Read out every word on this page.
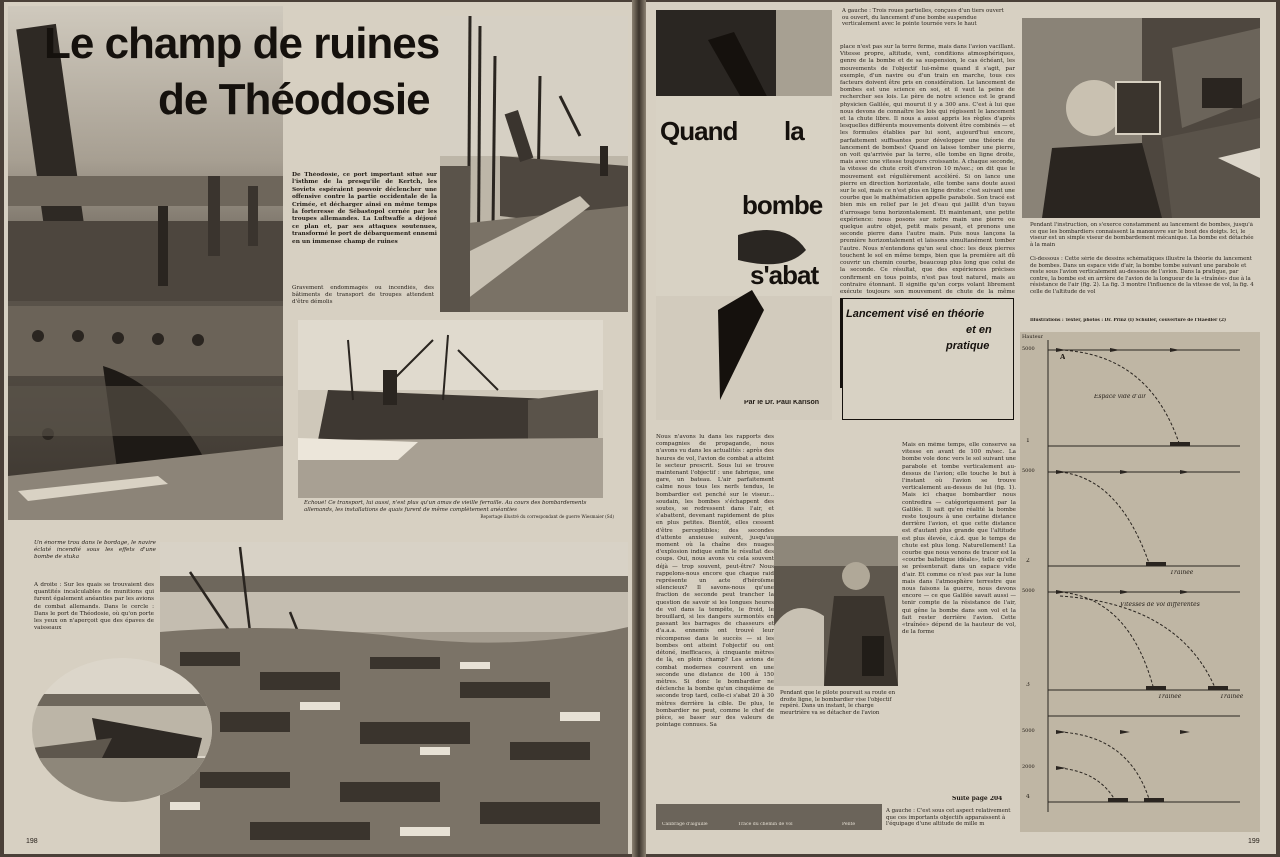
Le champ de ruines
de Théodosie
De Théodosie, ce port important situé sur l'isthme de la presqu'île de Kertch, les Soviets espéraient pouvoir déclencher une offensive contre la partie occidentale de la Crimée, et décharger ainsi en même temps la forteresse de Sébastopol cernée par les troupes allemandes. La Luftwaffe a déjoué ce plan et, par ses attaques soutenues, transformé le port de débarquement ennemi en un immense champ de ruines
Gravement endommagés ou incendiés, des bâtiments de transport de troupes attendent d'être démolis
Echoué! Ce transport, lui aussi, n'est plus qu'un amas de vieille ferraille. Au cours des bombardements allemands, les installations de quais furent de même complètement anéanties
Reportage illustré du correspondant de guerre Wiesmaier (Sd)
Un énorme trou dans le bordage, le navire éclaté incendié sous les effets d'une bombe de stuka
A droite : Sur les quais se trouvaient des quantités incalculables de munitions qui furent également anéanties par les avions de combat allemands. Dans le cercle : Dans le port de Théodosie, où qu'on porte les yeux on n'aperçoit que des épaves de vaisseaux
198
Quand la
bombe
s'abat
Lancement visé en théorie
et en
pratique
Par le Dr. Paul Karlson
A gauche : Trois roues partielles, conçues d'un tiers ouvert ou ouvert, du lancement d'une bombe suspendue verticalement avec le pointe tournée vers le haut
place n'est pas sur la terre ferme, mais dans l'avion vacillant. Vitesse propre, altitude, vent, conditions atmosphériques, genre de la bombe et de sa suspension, le cas échéant, les mouvements de l'objectif lui-même quand il s'agit, par exemple, d'un navire ou d'un train en marche, tous ces facteurs doivent être pris en considération. Le lancement de bombes est une science en soi, et il vaut la peine de rechercher ses lois. Le père de notre science est le grand physicien Galilée, qui mourut il y a 300 ans. C'est à lui que nous devons de connaître les lois qui régissent le lancement et la chute libre. Il nous a aussi appris les règles d'après lesquelles différents mouvements doivent être combinés — et les formules établies par lui sont, aujourd'hui encore, parfaitement suffisantes pour développer une théorie du lancement de bombes! Quand on laisse tomber une pierre, on voit qu'arrivée par la terre, elle tombe en ligne droite, mais avec une vitesse toujours croissante. A chaque seconde, la vitesse de chute croît d'environ 10 m/sec.; on dit que le mouvement est régulièrement accéléré. Si on lance une pierre en direction horizontale, elle tombe sans doute aussi sur le sol, mais ce n'est plus en ligne droite: c'est suivant une courbe que le mathématicien appelle parabole. Son tracé est bien mis en relief par le jet d'eau qui jaillit d'un tuyau d'arrosage tenu horizontalement. Et maintenant, une petite expérience: nous posons sur notre main une pierre ou quelque autre objet, petit mais pesant, et prenons une seconde pierre dans l'autre main. Puis nous lançons la première horizontalement et laissons simultanément tomber l'autre. Nous n'entendons qu'un seul choc: les deux pierres touchent le sol en même temps, bien que la première ait dû couvrir un chemin courbe, beaucoup plus long que celui de la seconde. Ce résultat, que des expériences précises confirment en tous points, n'est pas tout naturel, mais au contraire étonnant. Il signifie qu'un corps volant librement exécute toujours son mouvement de chute de la même
Nous n'avons lu dans les rapports des compagnies de propagande, nous n'avons vu dans les actualités : après des heures de vol, l'avion de combat a atteint le secteur prescrit. Sous lui se trouve maintenant l'objectif : une fabrique, une gare, un bateau. L'air parfaitement calme nous tous les nerfs tendus, le bombardier est penché sur le viseur... soudain, les bombes s'échappent des soutes, se redressent dans l'air, et s'abattent, devenant rapidement de plus en plus petites. Bientôt, elles cessent d'être perceptibles; des secondes d'attente anxieuse suivent, jusqu'au moment où la chaîne des nuages d'explosion indique enfin le résultat des coups. Oui, nous avons vu cela souvent déjà — trop souvent, peut-être? Nous rappelons-nous encore que chaque raid représente un acte d'héroïsme silencieux? Il savons-nous qu'une fraction de seconde peut trancher la question de savoir si les longues heures de vol dans la tempête, le froid, le brouillard, si les dangers surmontés en passant les barrages de chasseurs et d'a.a.a. ennemis ont trouvé leur récompense dans le succès — si les bombes ont atteint l'objectif ou ont détoné, inefficaces, à cinquante mètres de là, en plein champ? Les avions de combat modernes couvrent en une seconde une distance de 100 à 150 mètres. Si donc le bombardier ne déclenche la bombe qu'un cinquième de seconde trop tard, celle-ci s'abat 20 à 30 mètres derrière la cible. De plus, le bombardier ne peut, comme le chef de pièce, se baser sur des valeurs de pointage connues. Sa
Pendant que le pilote poursuit sa route en droite ligne, le bombardier vise l'objectif repéré. Dans un instant, le charge meurtrière va se détacher de l'avion
Mais en même temps, elle conserve sa vitesse en avant de 100 m/sec. La bombe vole donc vers le sol suivant une parabole et tombe verticalement au-dessus de l'avion; elle touche le but à l'instant où l'avion se trouve verticalement au-dessus de lui (fig. 1). Mais ici chaque bombardier nous contredira — catégoriquement par la Galilée. Il sait qu'en réalité la bombe reste toujours à une certaine distance derrière l'avion, et que cette distance est d'autant plus grande que l'altitude est plus élevée, c.à.d. que le temps de chute est plus long. Naturellement! La courbe que nous venons de tracer est la «courbe balistique idéale», telle qu'elle se présenterait dans un espace vide d'air. Et comme ce n'est pas sur la lune mais dans l'atmosphère terrestre que nous faisons la guerre, nous devons encore — ce que Galilée savait aussi — tenir compte de la résistance de l'air, qui gêne la bombe dans son vol et la fait rester derrière l'avion. Cette «traînée» dépend de la hauteur de vol, de la forme
Suite page 204
Calibrage d'aiguille	Tracé du chemin de vol	Pente
A gauche : C'est sous cet aspect relativement que ces importants objectifs apparaissent à l'équipage d'une altitude de mille m
Pendant l'instruction, on s'exerce constamment au lancement de bombes, jusqu'à ce que les bombardiers connaissent la manœuvre sur le bout des doigts. Ici, le viseur est un simple viseur de bombardement mécanique. La bombe est détachée à la main
Ci-dessous : Cette série de dessins schématiques illustre la théorie du lancement de bombes. Dans un espace vide d'air, la bombe tombe suivant une parabole et reste sous l'avion verticalement au-dessous de l'avion. Dans la pratique, par contre, la bombe est en arrière de l'avion de la longueur de la «traînée» due à la résistance de l'air (fig. 2). La fig. 3 montre l'influence de la vitesse de vol, la fig. 4 celle de l'altitude de vol
Illustrations : Texter, photos : Dr. Prinz (I) Schuller, couverture de l'Haedler (2)
Hauteur
5000
5000
5000
5000
2000
Espace vide d'air
Traînée
Vitesses de vol différentes
Traînée	Traînée
A
1
2
3
4
199
